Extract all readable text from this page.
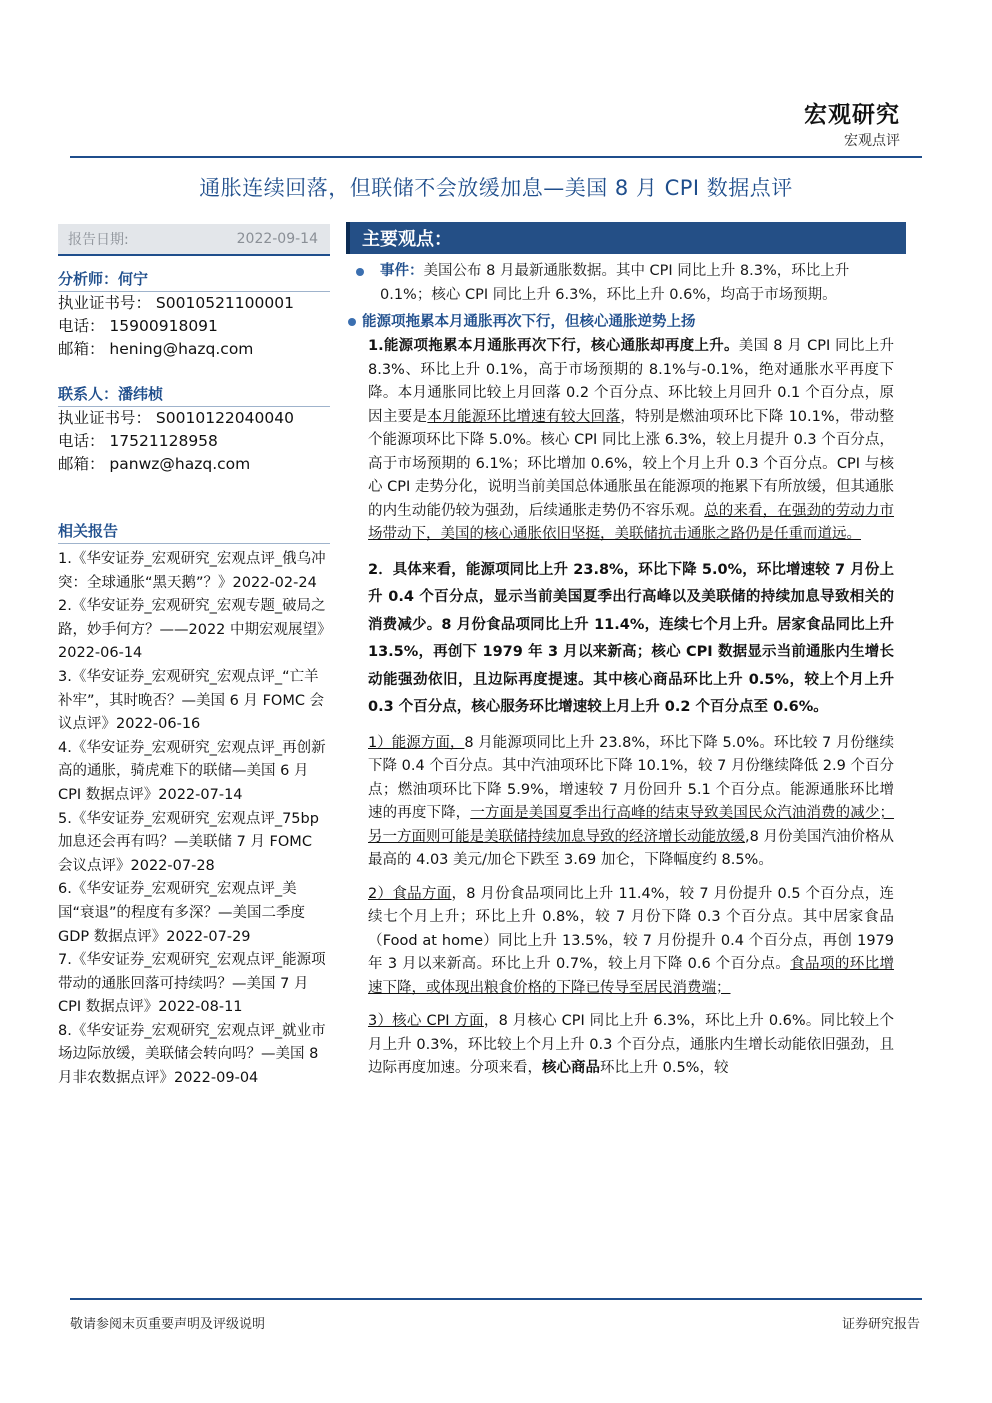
宏观研究
宏观点评
通胀连续回落，但联储不会放缓加息—美国 8 月 CPI 数据点评
报告日期:	2022-09-14
分析师：何宁
执业证书号： S0010521100001
电话： 15900918091
邮箱： hening@hazq.com
联系人：潘纬桢
执业证书号： S0010122040040
电话： 17521128958
邮箱： panwz@hazq.com
相关报告
1.《华安证券_宏观研究_宏观点评_俄乌冲突：全球通胀“黑天鹅”？》2022-02-24
2.《华安证券_宏观研究_宏观专题_破局之路，妙手何方？——2022 中期宏观展望》2022-06-14
3.《华安证券_宏观研究_宏观点评_“亡羊补牢”，其时晚否？—美国 6 月 FOMC 会议点评》2022-06-16
4.《华安证券_宏观研究_宏观点评_再创新高的通胀，骑虎难下的联储—美国 6 月 CPI 数据点评》2022-07-14
5.《华安证券_宏观研究_宏观点评_75bp 加息还会再有吗？—美联储 7 月 FOMC 会议点评》2022-07-28
6.《华安证券_宏观研究_宏观点评_美国“衰退”的程度有多深？—美国二季度 GDP 数据点评》2022-07-29
7.《华安证券_宏观研究_宏观点评_能源项带动的通胀回落可持续吗？—美国 7 月 CPI 数据点评》2022-08-11
8.《华安证券_宏观研究_宏观点评_就业市场边际放缓，美联储会转向吗？—美国 8 月非农数据点评》2022-09-04
主要观点：
事件：美国公布 8 月最新通胀数据。其中 CPI 同比上升 8.3%，环比上升 0.1%；核心 CPI 同比上升 6.3%，环比上升 0.6%，均高于市场预期。
能源项拖累本月通胀再次下行，但核心通胀逆势上扬
1.能源项拖累本月通胀再次下行，核心通胀却再度上升。美国 8 月 CPI 同比上升 8.3%、环比上升 0.1%，高于市场预期的 8.1%与-0.1%，绝对通胀水平再度下降。本月通胀同比较上月回落 0.2 个百分点、环比较上月回升 0.1 个百分点，原因主要是本月能源环比增速有较大回落，特别是燃油项环比下降 10.1%，带动整个能源项环比下降 5.0%。核心 CPI 同比上涨 6.3%，较上月提升 0.3 个百分点，高于市场预期的 6.1%；环比增加 0.6%，较上个月上升 0.3 个百分点。CPI 与核心 CPI 走势分化，说明当前美国总体通胀虽在能源项的拖累下有所放缓，但其通胀的内生动能仍较为强劲，后续通胀走势仍不容乐观。总的来看，在强劲的劳动力市场带动下，美国的核心通胀依旧坚挺，美联储抗击通胀之路仍是任重而道远。
2．具体来看，能源项同比上升 23.8%，环比下降 5.0%，环比增速较 7 月份上升 0.4 个百分点，显示当前美国夏季出行高峰以及美联储的持续加息导致相关的消费减少。8 月份食品项同比上升 11.4%，连续七个月上升。居家食品同比上升 13.5%，再创下 1979 年 3 月以来新高；核心 CPI 数据显示当前通胀内生增长动能强劲依旧，且边际再度提速。其中核心商品环比上升 0.5%，较上个月上升 0.3 个百分点，核心服务环比增速较上月上升 0.2 个百分点至 0.6%。
1）能源方面，8 月能源项同比上升 23.8%，环比下降 5.0%。环比较 7 月份继续下降 0.4 个百分点。其中汽油项环比下降 10.1%，较 7 月份继续降低 2.9 个百分点；燃油项环比下降 5.9%，增速较 7 月份回升 5.1 个百分点。能源通胀环比增速的再度下降，一方面是美国夏季出行高峰的结束导致美国民众汽油消费的减少；另一方面则可能是美联储持续加息导致的经济增长动能放缓,8 月份美国汽油价格从最高的 4.03 美元/加仑下跌至 3.69 加仑，下降幅度约 8.5%。
2）食品方面，8 月份食品项同比上升 11.4%，较 7 月份提升 0.5 个百分点，连续七个月上升；环比上升 0.8%，较 7 月份下降 0.3 个百分点。其中居家食品（Food at home）同比上升 13.5%，较 7 月份提升 0.4 个百分点，再创 1979 年 3 月以来新高。环比上升 0.7%，较上月下降 0.6 个百分点。食品项的环比增速下降，或体现出粮食价格的下降已传导至居民消费端；
3）核心 CPI 方面，8 月核心 CPI 同比上升 6.3%，环比上升 0.6%。同比较上个月上升 0.3%，环比较上个月上升 0.3 个百分点，通胀内生增长动能依旧强劲，且边际再度加速。分项来看，核心商品环比上升 0.5%，较
敬请参阅末页重要声明及评级说明	证券研究报告
